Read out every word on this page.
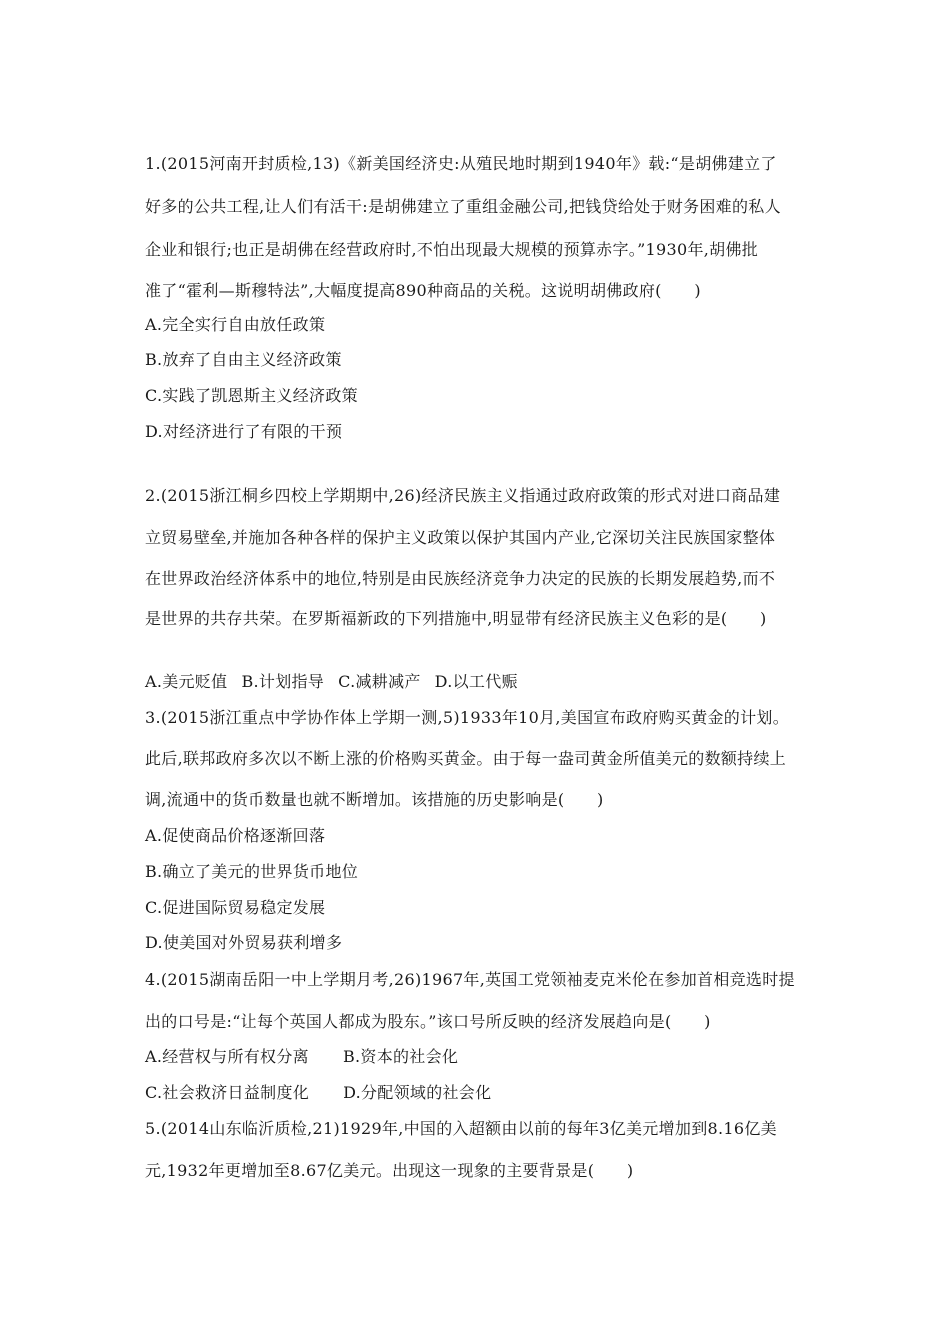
1.(2015河南开封质检,13)《新美国经济史:从殖民地时期到1940年》载:“是胡佛建立了
好多的公共工程,让人们有活干:是胡佛建立了重组金融公司,把钱贷给处于财务困难的私人
企业和银行;也正是胡佛在经营政府时,不怕出现最大规模的预算赤字。”1930年,胡佛批
准了“霍利—斯穆特法”,大幅度提高890种商品的关税。这说明胡佛政府(　　)
A.完全实行自由放任政策
B.放弃了自由主义经济政策
C.实践了凯恩斯主义经济政策
D.对经济进行了有限的干预
2.(2015浙江桐乡四校上学期期中,26)经济民族主义指通过政府政策的形式对进口商品建
立贸易壁垒,并施加各种各样的保护主义政策以保护其国内产业,它深切关注民族国家整体
在世界政治经济体系中的地位,特别是由民族经济竞争力决定的民族的长期发展趋势,而不
是世界的共存共荣。在罗斯福新政的下列措施中,明显带有经济民族主义色彩的是(　　)
A.美元贬值 B.计划指导 C.减耕减产 D.以工代赈
3.(2015浙江重点中学协作体上学期一测,5)1933年10月,美国宣布政府购买黄金的计划。
此后,联邦政府多次以不断上涨的价格购买黄金。由于每一盎司黄金所值美元的数额持续上
调,流通中的货币数量也就不断增加。该措施的历史影响是(　　)
A.促使商品价格逐渐回落
B.确立了美元的世界货币地位
C.促进国际贸易稳定发展
D.使美国对外贸易获利增多
4.(2015湖南岳阳一中上学期月考,26)1967年,英国工党领袖麦克米伦在参加首相竞选时提
出的口号是:“让每个英国人都成为股东。”该口号所反映的经济发展趋向是(　　)
A.经营权与所有权分离 B.资本的社会化
C.社会救济日益制度化 D.分配领域的社会化
5.(2014山东临沂质检,21)1929年,中国的入超额由以前的每年3亿美元增加到8.16亿美
元,1932年更增加至8.67亿美元。出现这一现象的主要背景是(　　)
